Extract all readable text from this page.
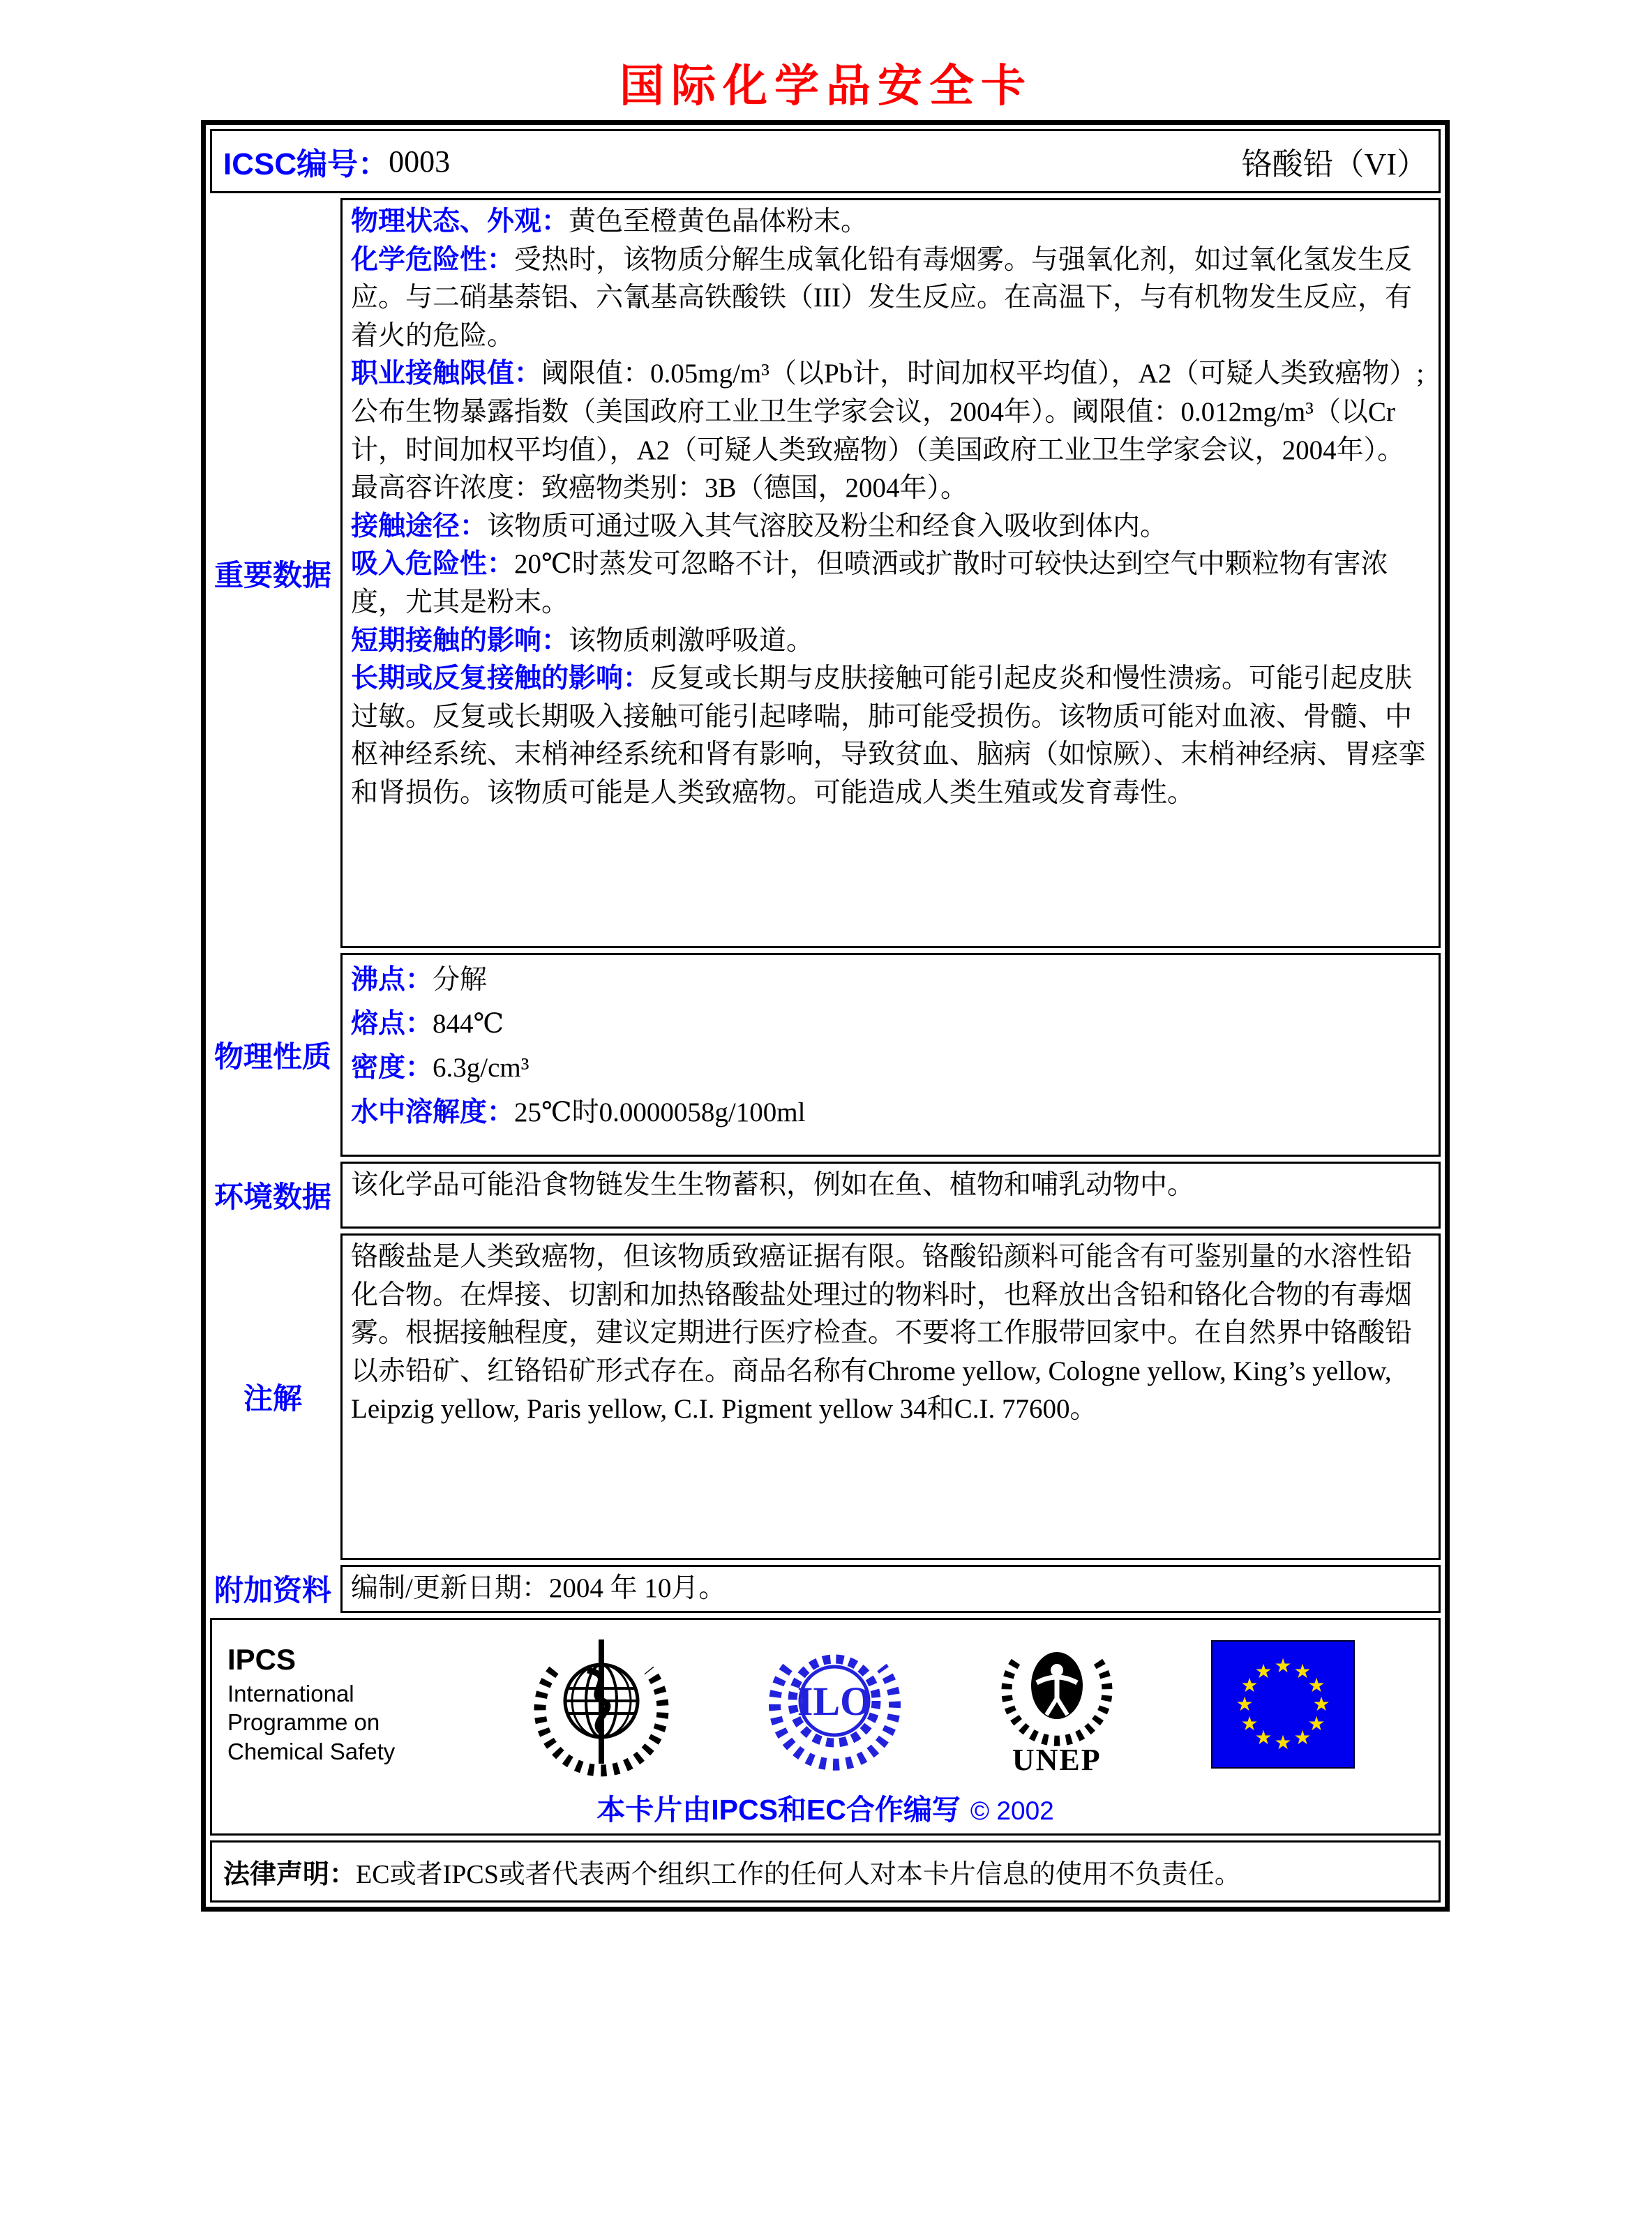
国际化学品安全卡
ICSC编号： 0003	铬酸铅（VI）
重要数据

物理状态、外观：黄色至橙黄色晶体粉末。

化学危险性：受热时，该物质分解生成氧化铅有毒烟雾。与强氧化剂，如过氧化氢发生反应。与二硝基萘铝、六氰基高铁酸铁（III）发生反应。在高温下，与有机物发生反应，有着火的危险。

职业接触限值：阈限值：0.05mg/m³（以Pb计，时间加权平均值），A2（可疑人类致癌物）;公布生物暴露指数（美国政府工业卫生学家会议，2004年）。阈限值：0.012mg/m³（以Cr计，时间加权平均值），A2（可疑人类致癌物）（美国政府工业卫生学家会议，2004年）。最高容许浓度：致癌物类别：3B（德国，2004年）。

接触途径：该物质可通过吸入其气溶胶及粉尘和经食入吸收到体内。

吸入危险性：20℃时蒸发可忽略不计，但喷洒或扩散时可较快达到空气中颗粒物有害浓度，尤其是粉末。

短期接触的影响：该物质刺激呼吸道。

长期或反复接触的影响：反复或长期与皮肤接触可能引起皮炎和慢性溃疡。可能引起皮肤过敏。反复或长期吸入接触可能引起哮喘，肺可能受损伤。该物质可能对血液、骨髓、中枢神经系统、末梢神经系统和肾有影响，导致贫血、脑病（如惊厥）、末梢神经病、胃痉挛和肾损伤。该物质可能是人类致癌物。可能造成人类生殖或发育毒性。

物理性质

沸点：分解

熔点：844℃

密度：6.3g/cm³

水中溶解度：25℃时0.0000058g/100ml

环境数据 该化学品可能沿食物链发生生物蓄积，例如在鱼、植物和哺乳动物中。

注解

铬酸盐是人类致癌物，但该物质致癌证据有限。铬酸铅颜料可能含有可鉴别量的水溶性铅化合物。在焊接、切割和加热铬酸盐处理过的物料时，也释放出含铅和铬化合物的有毒烟雾。根据接触程度，建议定期进行医疗检查。不要将工作服带回家中。在自然界中铬酸铅以赤铅矿、红铬铅矿形式存在。商品名称有Chrome yellow, Cologne yellow, King’s yellow, Leipzig yellow, Paris yellow, C.I. Pigment yellow 34和C.I. 77600。

附加资料 编制/更新日期：2004 年 10月。

IPCS
International
Programme on
Chemical Safety
ILO
UNEP
★ ★
★
★
★
★
★
★
★
★
★
★
本卡片由IPCS和EC合作编写 © 2002
法律声明：EC或者IPCS或者代表两个组织工作的任何人对本卡片信息的使用不负责任。
